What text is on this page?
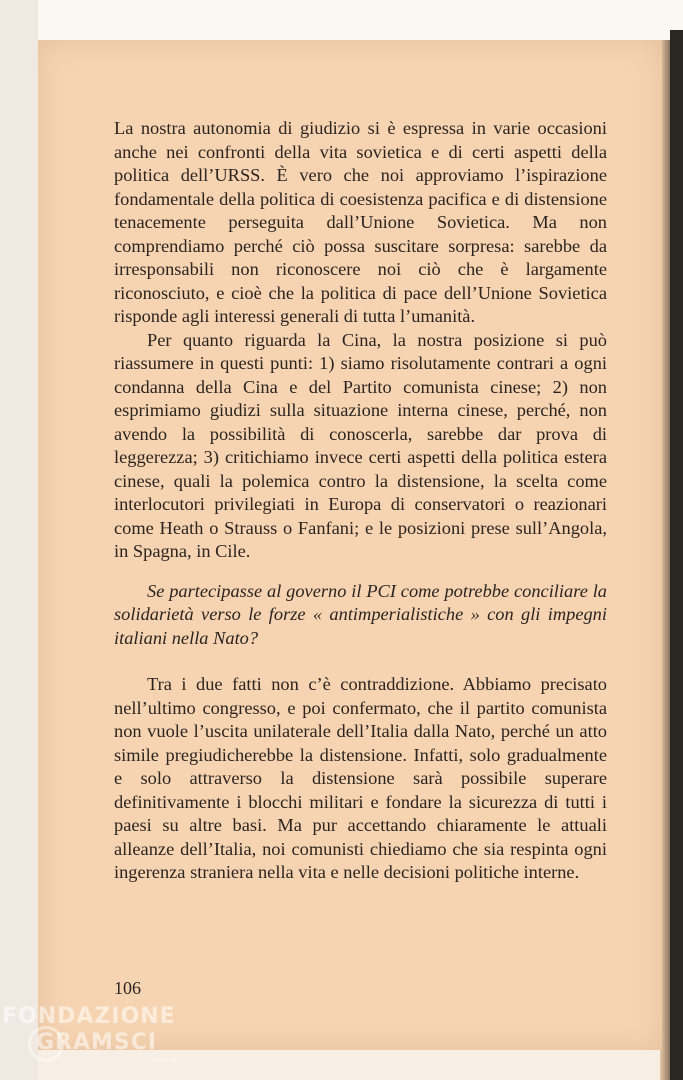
La nostra autonomia di giudizio si è espressa in varie occasioni anche nei confronti della vita sovietica e di certi aspetti della politica dell’URSS. È vero che noi approviamo l’ispirazione fondamentale della politica di coesistenza pacifica e di distensione tenacemente perseguita dall’Unione Sovietica. Ma non comprendiamo perché ciò possa suscitare sorpresa: sarebbe da irresponsabili non riconoscere noi ciò che è largamente riconosciuto, e cioè che la politica di pace dell’Unione Sovietica risponde agli interessi generali di tutta l’umanità.

Per quanto riguarda la Cina, la nostra posizione si può riassumere in questi punti: 1) siamo risolutamente contrari a ogni condanna della Cina e del Partito comunista cinese; 2) non esprimiamo giudizi sulla situazione interna cinese, perché, non avendo la possibilità di conoscerla, sarebbe dar prova di leggerezza; 3) critichiamo invece certi aspetti della politica estera cinese, quali la polemica contro la distensione, la scelta come interlocutori privilegiati in Europa di conservatori o reazionari come Heath o Strauss o Fanfani; e le posizioni prese sull’Angola, in Spagna, in Cile.

Se partecipasse al governo il PCI come potrebbe conciliare la solidarietà verso le forze « antimperialistiche » con gli impegni italiani nella Nato?

Tra i due fatti non c’è contraddizione. Abbiamo precisato nell’ultimo congresso, e poi confermato, che il partito comunista non vuole l’uscita unilaterale dell’Italia dalla Nato, perché un atto simile pregiudicherebbe la distensione. Infatti, solo gradualmente e solo attraverso la distensione sarà possibile superare definitivamente i blocchi militari e fondare la sicurezza di tutti i paesi su altre basi. Ma pur accettando chiaramente le attuali alleanze dell’Italia, noi comunisti chiediamo che sia respinta ogni ingerenza straniera nella vita e nelle decisioni politiche interne.

106
FONDAZIONE
GRAMSCI
onlus
